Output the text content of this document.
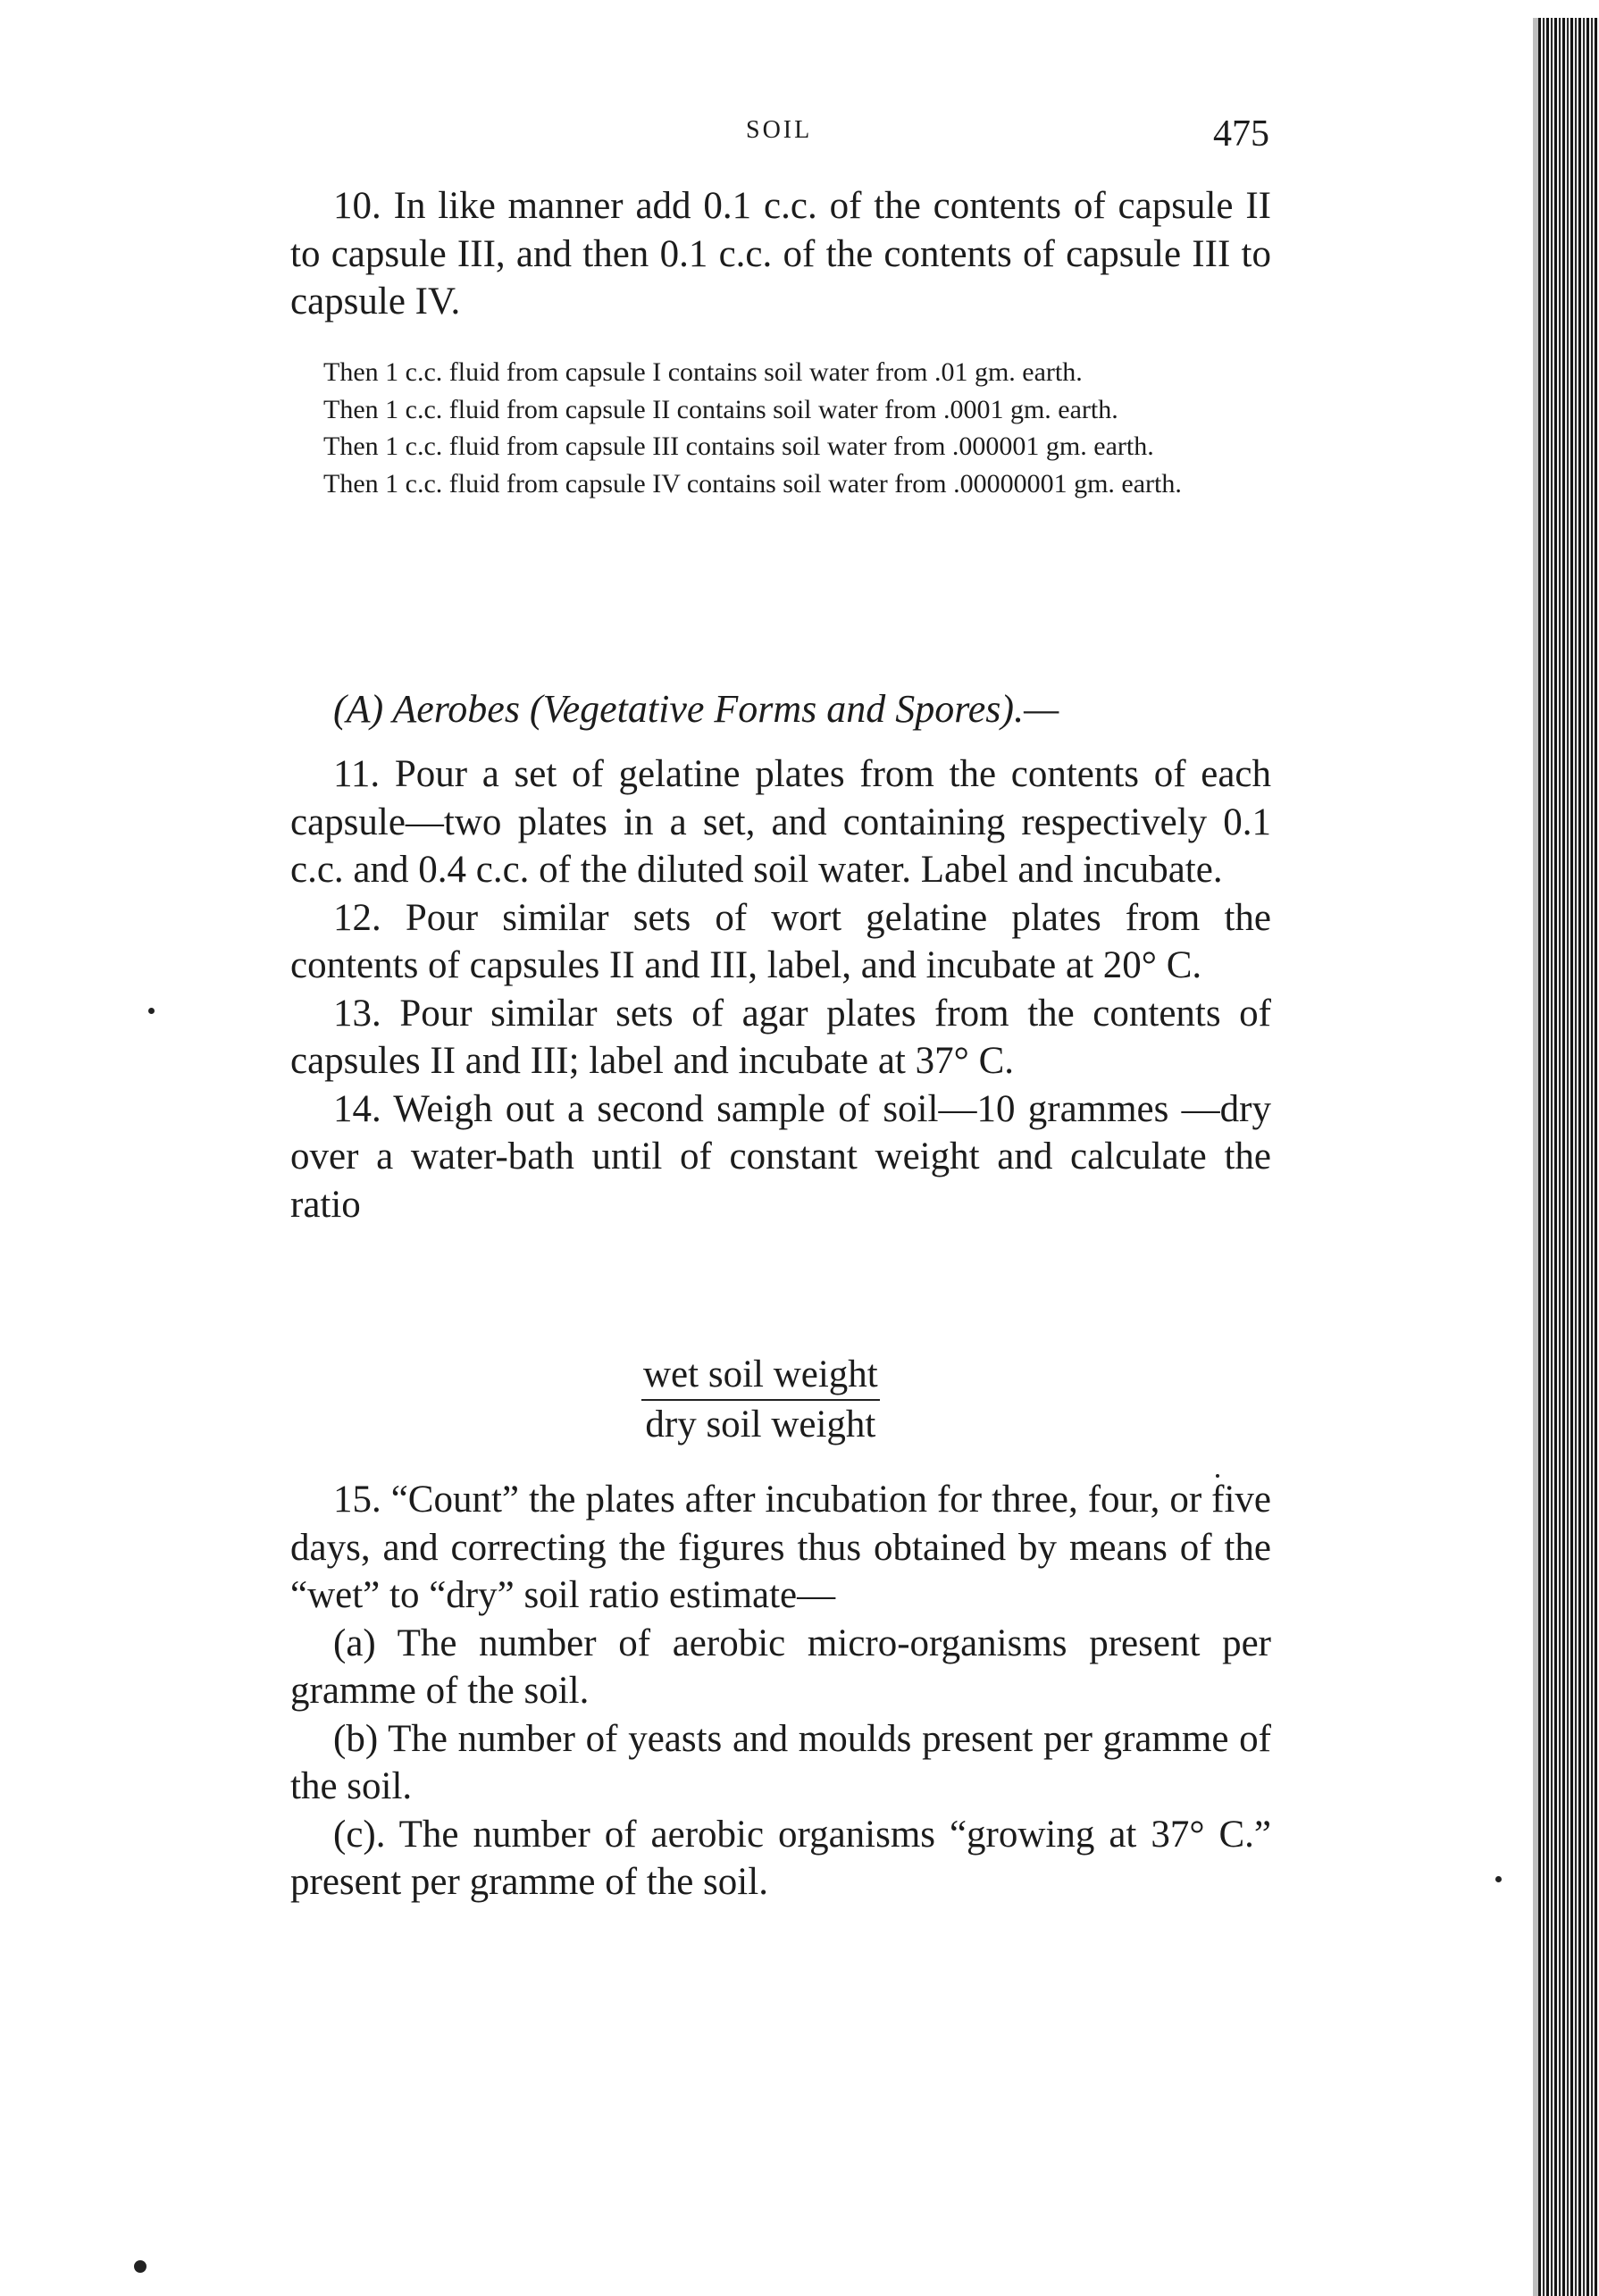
SOIL	475

10. In like manner add 0.1 c.c. of the contents of capsule II to capsule III, and then 0.1 c.c. of the contents of capsule III to capsule IV.

Then 1 c.c. fluid from capsule I contains soil water from .01 gm. earth.

Then 1 c.c. fluid from capsule II contains soil water from .0001 gm. earth.

Then 1 c.c. fluid from capsule III contains soil water from .000001 gm. earth.

Then 1 c.c. fluid from capsule IV contains soil water from .00000001 gm. earth.

(A) Aerobes (Vegetative Forms and Spores).—

11. Pour a set of gelatine plates from the contents of each capsule—two plates in a set, and containing respectively 0.1 c.c. and 0.4 c.c. of the diluted soil water. Label and incubate.

12. Pour similar sets of wort gelatine plates from the contents of capsules II and III, label, and incubate at 20° C.

13. Pour similar sets of agar plates from the contents of capsules II and III; label and incubate at 37° C.

14. Weigh out a second sample of soil—10 grammes —dry over a water-bath until of constant weight and calculate the ratio

wet soil weight
dry soil weight

15. “Count” the plates after incubation for three, four, or five days, and correcting the figures thus obtained by means of the “wet” to “dry” soil ratio estimate—

(a) The number of aerobic micro-organisms present per gramme of the soil.

(b) The number of yeasts and moulds present per gramme of the soil.

(c). The number of aerobic organisms “growing at 37° C.” present per gramme of the soil.
